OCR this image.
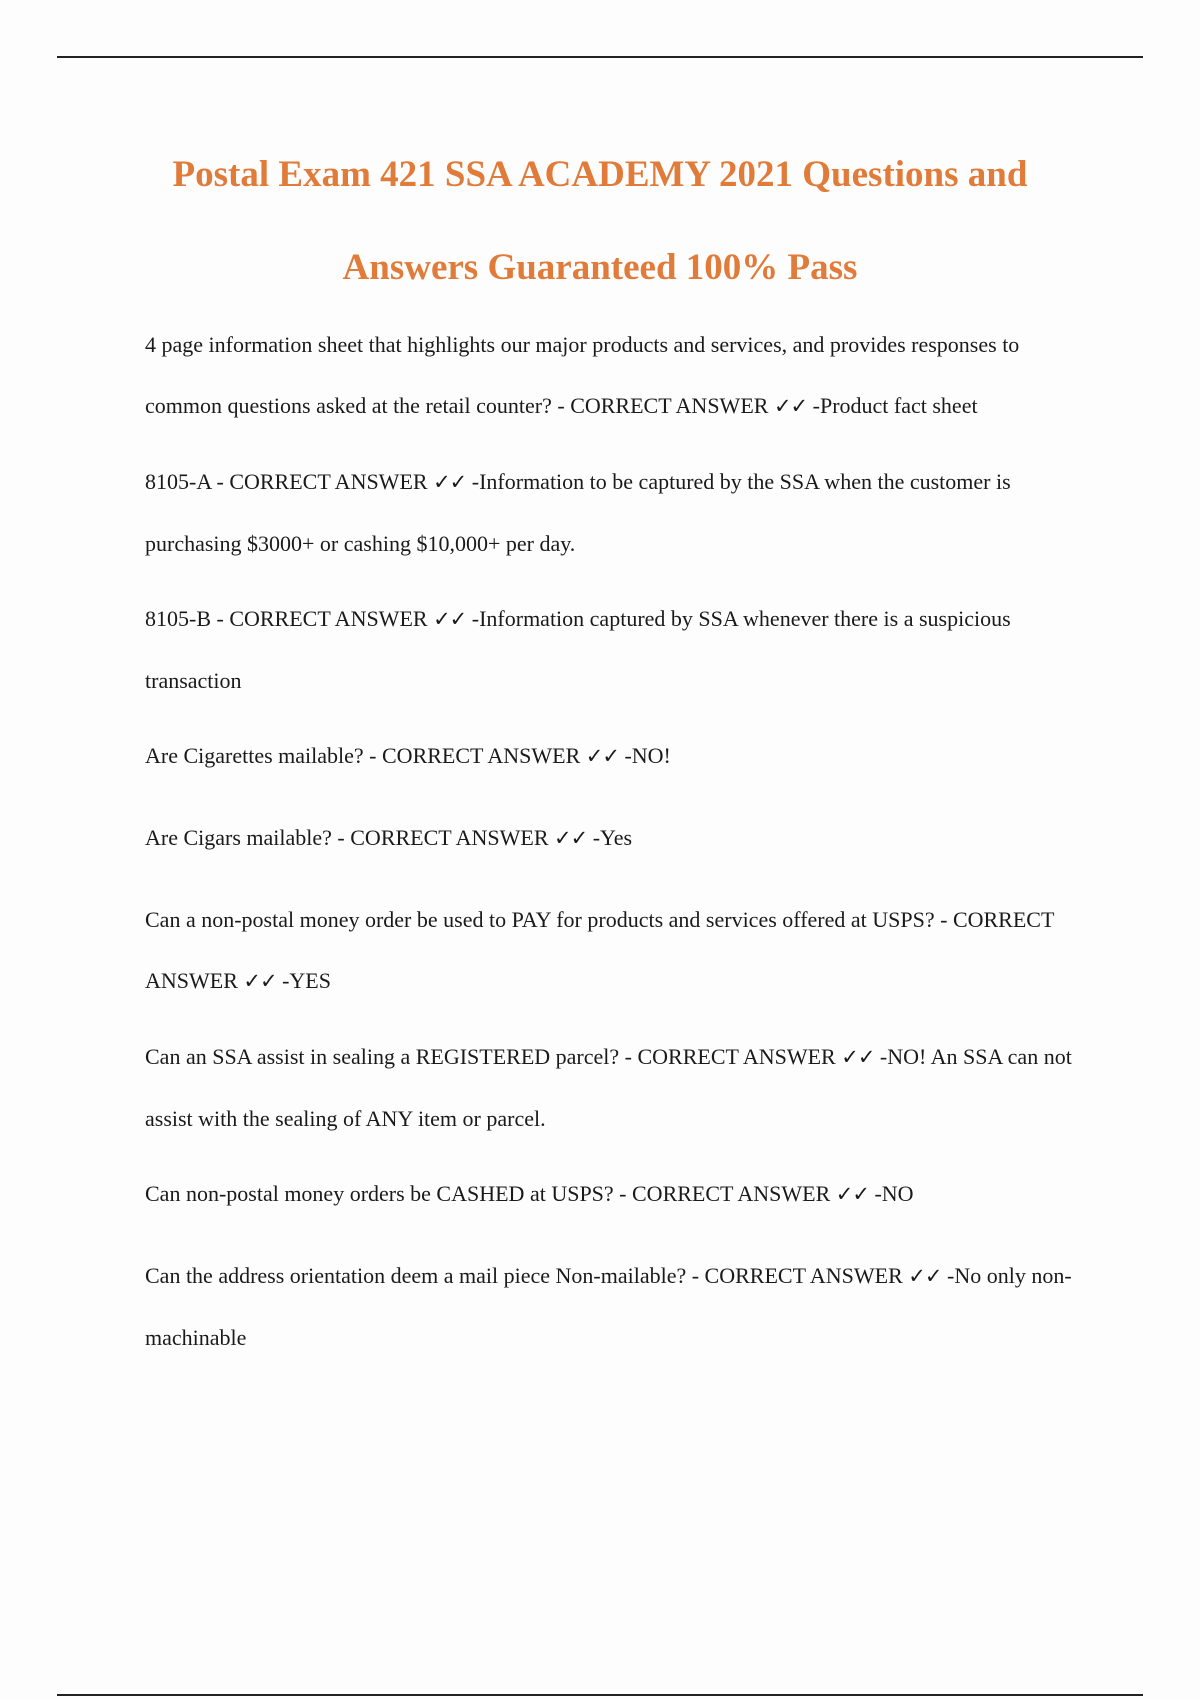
Postal Exam 421 SSA ACADEMY 2021 Questions and Answers Guaranteed 100% Pass

4 page information sheet that highlights our major products and services, and provides responses to common questions asked at the retail counter? - CORRECT ANSWER ✓✓ -Product fact sheet

8105-A - CORRECT ANSWER ✓✓ -Information to be captured by the SSA when the customer is purchasing $3000+ or cashing $10,000+ per day.

8105-B - CORRECT ANSWER ✓✓ -Information captured by SSA whenever there is a suspicious transaction

Are Cigarettes mailable? - CORRECT ANSWER ✓✓ -NO!

Are Cigars mailable? - CORRECT ANSWER ✓✓ -Yes

Can a non-postal money order be used to PAY for products and services offered at USPS? - CORRECT ANSWER ✓✓ -YES

Can an SSA assist in sealing a REGISTERED parcel? - CORRECT ANSWER ✓✓ -NO! An SSA can not assist with the sealing of ANY item or parcel.

Can non-postal money orders be CASHED at USPS? - CORRECT ANSWER ✓✓ -NO

Can the address orientation deem a mail piece Non-mailable? - CORRECT ANSWER ✓✓ -No only non-machinable
